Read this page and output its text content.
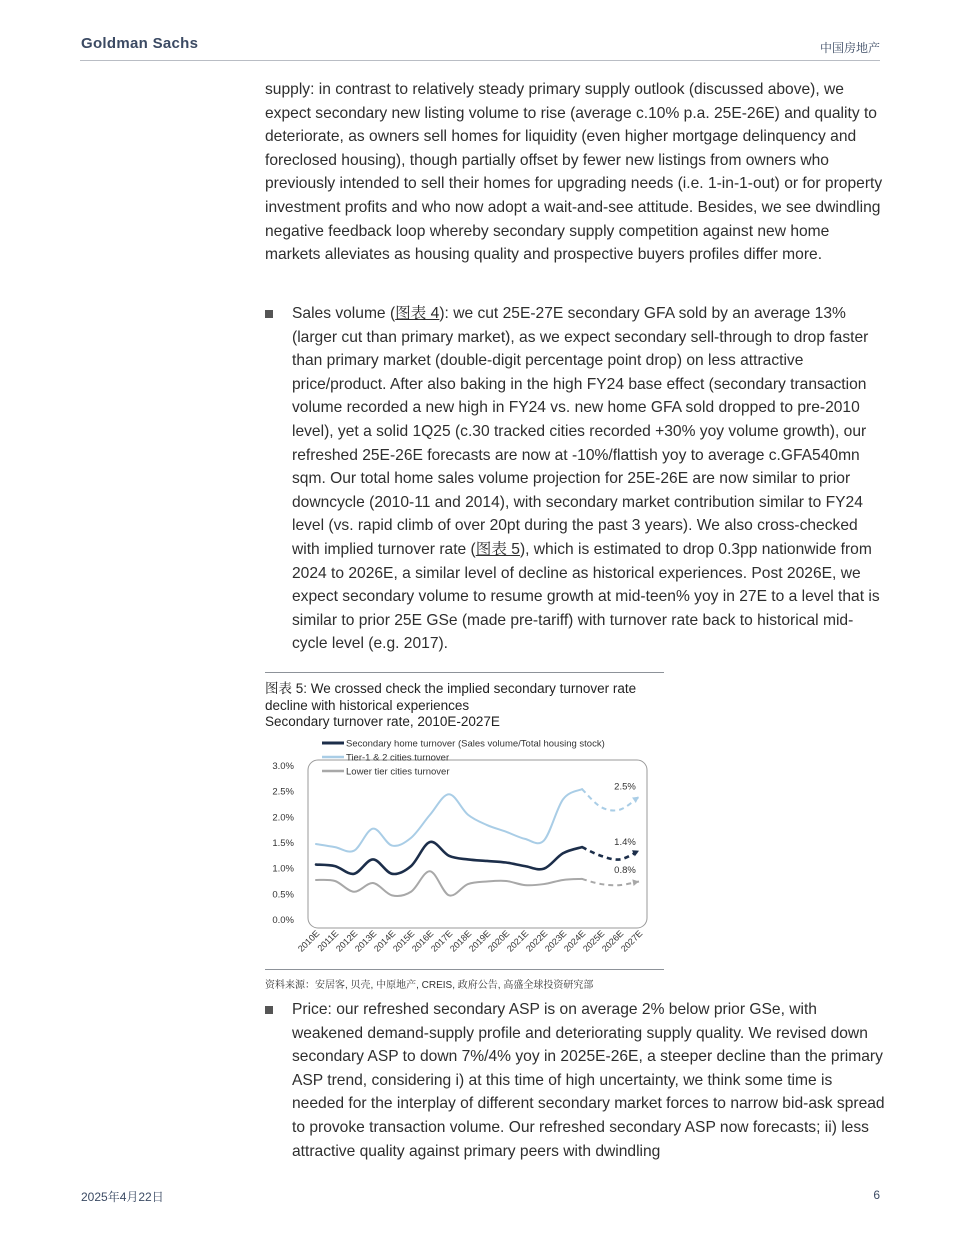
Goldman Sachs	中国房地产
supply: in contrast to relatively steady primary supply outlook (discussed above), we expect secondary new listing volume to rise (average c.10% p.a. 25E-26E) and quality to deteriorate, as owners sell homes for liquidity (even higher mortgage delinquency and foreclosed housing), though partially offset by fewer new listings from owners who previously intended to sell their homes for upgrading needs (i.e. 1-in-1-out) or for property investment profits and who now adopt a wait-and-see attitude. Besides, we see dwindling negative feedback loop whereby secondary supply competition against new home markets alleviates as housing quality and prospective buyers profiles differ more.
Sales volume (图表 4): we cut 25E-27E secondary GFA sold by an average 13% (larger cut than primary market), as we expect secondary sell-through to drop faster than primary market (double-digit percentage point drop) on less attractive price/product. After also baking in the high FY24 base effect (secondary transaction volume recorded a new high in FY24 vs. new home GFA sold dropped to pre-2010 level), yet a solid 1Q25 (c.30 tracked cities recorded +30% yoy volume growth), our refreshed 25E-26E forecasts are now at -10%/flattish yoy to average c.GFA540mn sqm. Our total home sales volume projection for 25E-26E are now similar to prior downcycle (2010-11 and 2014), with secondary market contribution similar to FY24 level (vs. rapid climb of over 20pt during the past 3 years). We also cross-checked with implied turnover rate (图表 5), which is estimated to drop 0.3pp nationwide from 2024 to 2026E, a similar level of decline as historical experiences. Post 2026E, we expect secondary volume to resume growth at mid-teen% yoy in 27E to a level that is similar to prior 25E GSe (made pre-tariff) with turnover rate back to historical mid-cycle level (e.g. 2017).
图表 5: We crossed check the implied secondary turnover rate decline with historical experiences
Secondary turnover rate, 2010E-2027E
0.0%
0.5%
1.0%
1.5%
2.0%
2.5%
3.0%
2010E
2011E
2012E
2013E
2014E
2015E
2016E
2017E
2018E
2019E
2020E
2021E
2022E
2023E
2024E
2025E
2026E
2027E
2.5%
1.4%
0.8%
Secondary home turnover (Sales volume/Total housing stock)
Tier-1 & 2 cities turnover
Lower tier cities turnover
资料来源：安居客, 贝壳, 中原地产, CREIS, 政府公告, 高盛全球投资研究部
Price: our refreshed secondary ASP is on average 2% below prior GSe, with weakened demand-supply profile and deteriorating supply quality. We revised down secondary ASP to down 7%/4% yoy in 2025E-26E, a steeper decline than the primary ASP trend, considering i) at this time of high uncertainty, we think some time is needed for the interplay of different secondary market forces to narrow bid-ask spread to provoke transaction volume. Our refreshed secondary ASP now forecasts; ii) less attractive quality against primary peers with dwindling
2025年4月22日	6
